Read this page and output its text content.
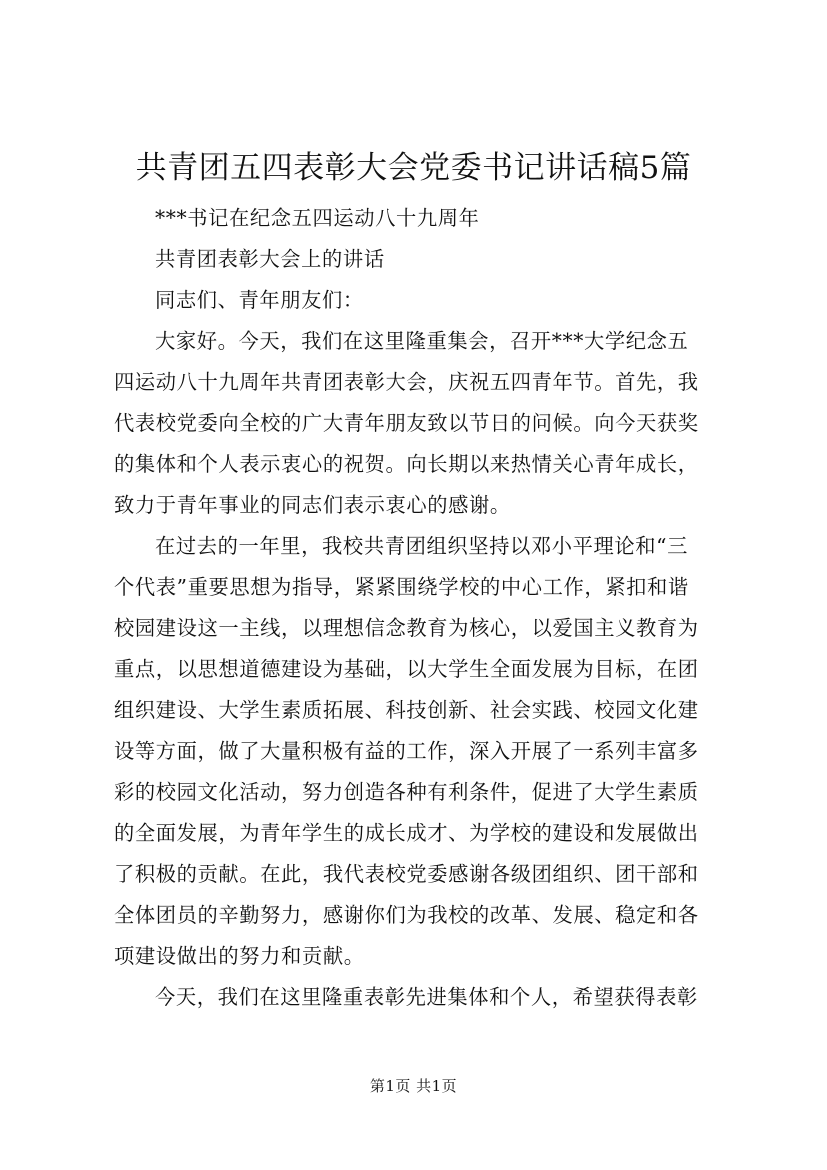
共青团五四表彰大会党委书记讲话稿5篇

***书记在纪念五四运动八十九周年

共青团表彰大会上的讲话

同志们、青年朋友们：

大家好。今天，我们在这里隆重集会，召开***大学纪念五

四运动八十九周年共青团表彰大会，庆祝五四青年节。首先，我

代表校党委向全校的广大青年朋友致以节日的问候。向今天获奖

的集体和个人表示衷心的祝贺。向长期以来热情关心青年成长，

致力于青年事业的同志们表示衷心的感谢。

在过去的一年里，我校共青团组织坚持以邓小平理论和“三

个代表”重要思想为指导，紧紧围绕学校的中心工作，紧扣和谐

校园建设这一主线，以理想信念教育为核心，以爱国主义教育为

重点，以思想道德建设为基础，以大学生全面发展为目标，在团

组织建设、大学生素质拓展、科技创新、社会实践、校园文化建

设等方面，做了大量积极有益的工作，深入开展了一系列丰富多

彩的校园文化活动，努力创造各种有利条件，促进了大学生素质

的全面发展，为青年学生的成长成才、为学校的建设和发展做出

了积极的贡献。在此，我代表校党委感谢各级团组织、团干部和

全体团员的辛勤努力，感谢你们为我校的改革、发展、稳定和各

项建设做出的努力和贡献。

今天，我们在这里隆重表彰先进集体和个人，希望获得表彰

第1页 共1页
